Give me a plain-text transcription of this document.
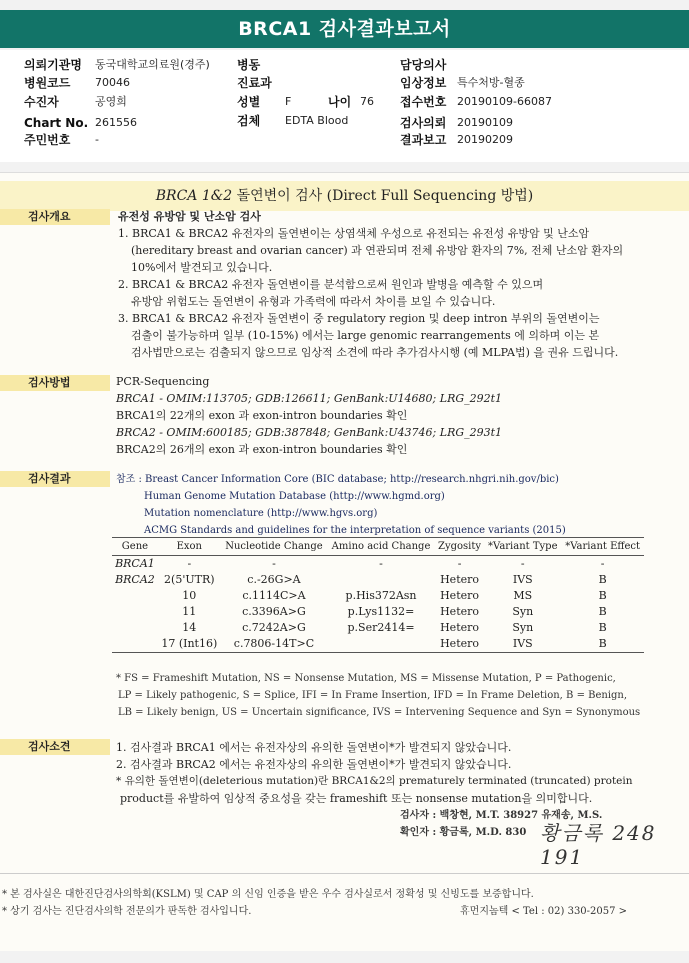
BRCA1 검사결과보고서
의뢰기관명 동국대학교의료원(경주)
병원코드 70046
수진자	공영희
Chart No. 261556
주민번호 -
병동
진료과
성별 F	나이 76
검체 EDTA Blood
담당의사
임상정보 특수처방-혈종
접수번호 20190109-66087
검사의뢰 20190109
결과보고 20190209
BRCA 1&2 돌연변이 검사 (Direct Full Sequencing 방법)
검사개요	유전성 유방암 및 난소암 검사
1. BRCA1 & BRCA2 유전자의 돌연변이는 상염색체 우성으로 유전되는 유전성 유방암 및 난소암
(hereditary breast and ovarian cancer) 과 연관되며 전체 유방암 환자의 7%, 전체 난소암 환자의
10%에서 발견되고 있습니다.
2. BRCA1 & BRCA2 유전자 돌연변이를 분석함으로써 원인과 발병을 예측할 수 있으며
유방암 위험도는 돌연변이 유형과 가족력에 따라서 차이를 보일 수 있습니다.
3. BRCA1 & BRCA2 유전자 돌연변이 중 regulatory region 및 deep intron 부위의 돌연변이는
검출이 불가능하며 일부 (10-15%) 에서는 large genomic rearrangements 에 의하며 이는 본
검사법만으로는 검출되지 않으므로 임상적 소견에 따라 추가검사시행 (예 MLPA법) 을 권유 드립니다.
검사방법	PCR-Sequencing
BRCA1 - OMIM:113705; GDB:126611; GenBank:U14680; LRG_292t1
BRCA1의 22개의 exon 과 exon-intron boundaries 확인
BRCA2 - OMIM:600185; GDB:387848; GenBank:U43746; LRG_293t1
BRCA2의 26개의 exon 과 exon-intron boundaries 확인
검사결과	참조 : Breast Cancer Information Core (BIC database; http://research.nhgri.nih.gov/bic)
Human Genome Mutation Database (http://www.hgmd.org)
Mutation nomenclature (http://www.hgvs.org)
ACMG Standards and guidelines for the interpretation of sequence variants (2015)
Gene	Exon	Nucleotide Change	Amino acid Change	Zygosity	*Variant Type	*Variant Effect
BRCA1	-	-	-	-	-	-
BRCA2	2(5'UTR)	c.-26G>A		Hetero	IVS	B
	10	c.1114C>A	p.His372Asn	Hetero	MS	B
	11	c.3396A>G	p.Lys1132=	Hetero	Syn	B
	14	c.7242A>G	p.Ser2414=	Hetero	Syn	B
	17 (Int16)	c.7806-14T>C		Hetero	IVS	B
* FS = Frameshift Mutation, NS = Nonsense Mutation, MS = Missense Mutation, P = Pathogenic,
LP = Likely pathogenic, S = Splice, IFI = In Frame Insertion, IFD = In Frame Deletion, B = Benign,
LB = Likely benign, US = Uncertain significance, IVS = Intervening Sequence and Syn = Synonymous
검사소견	1. 검사결과 BRCA1 에서는 유전자상의 유의한 돌연변이*가 발견되지 않았습니다.
2. 검사결과 BRCA2 에서는 유전자상의 유의한 돌연변이*가 발견되지 않았습니다.
* 유의한 돌연변이(deleterious mutation)란 BRCA1&2의 prematurely terminated (truncated) protein
product를 유발하여 임상적 중요성을 갖는 frameshift 또는 nonsense mutation을 의미합니다.
검사자 : 백창현, M.T. 38927 유재송, M.S.
확인자 : 황금록, M.D. 830 황금록 248 191
* 본 검사실은 대한진단검사의학회(KSLM) 및 CAP 의 신임 인증을 받은 우수 검사실로서 정확성 및 신빙도를 보증합니다.
* 상기 검사는 진단검사의학 전문의가 판독한 검사입니다.	휴먼지놈텍 < Tel : 02) 330-2057 >
